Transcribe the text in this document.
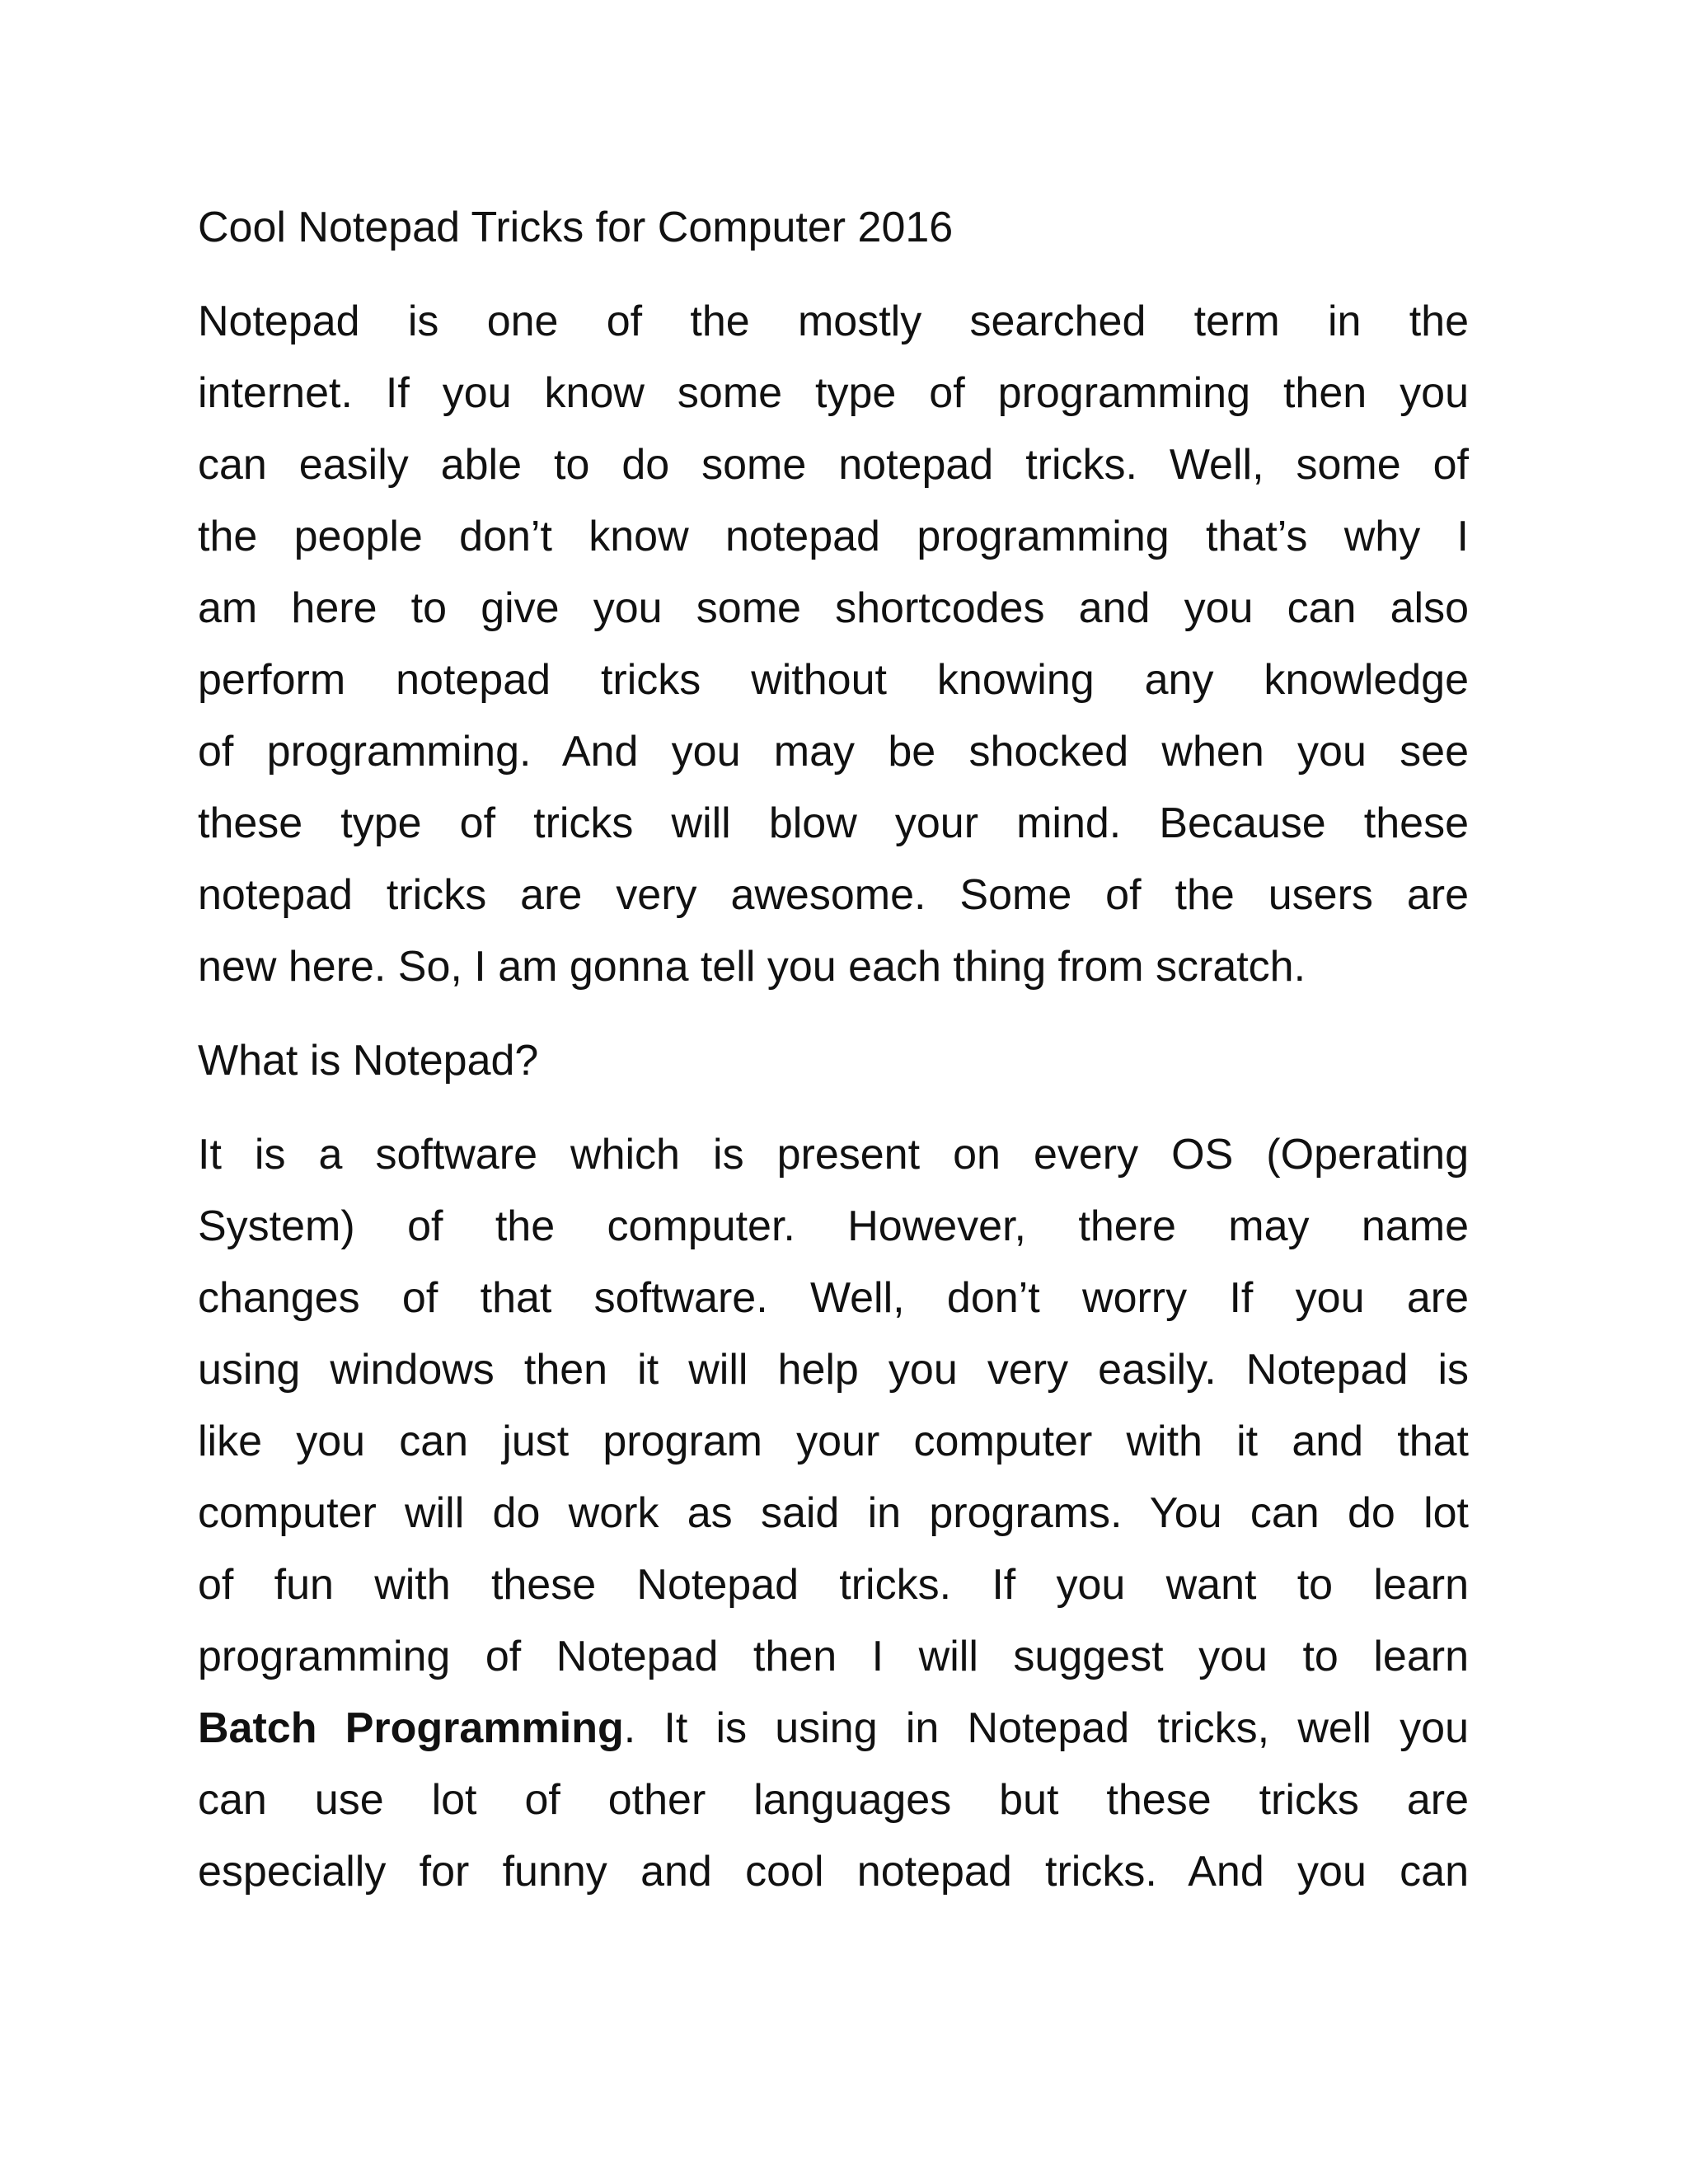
Cool Notepad Tricks for Computer 2016
Notepad is one of the mostly searched term in the
internet. If you know some type of programming then you
can easily able to do some notepad tricks. Well, some of
the people don’t know notepad programming that’s why I
am here to give you some shortcodes and you can also
perform notepad tricks without knowing any knowledge
of programming. And you may be shocked when you see
these type of tricks will blow your mind. Because these
notepad tricks are very awesome. Some of the users are
new here. So, I am gonna tell you each thing from scratch.
What is Notepad?
It is a software which is present on every OS (Operating
System) of the computer. However, there may name
changes of that software. Well, don’t worry If you are
using windows then it will help you very easily. Notepad is
like you can just program your computer with it and that
computer will do work as said in programs. You can do lot
of fun with these Notepad tricks. If you want to learn
programming of Notepad then I will suggest you to learn
Batch Programming. It is using in Notepad tricks, well you
can use lot of other languages but these tricks are
especially for funny and cool notepad tricks. And you can
